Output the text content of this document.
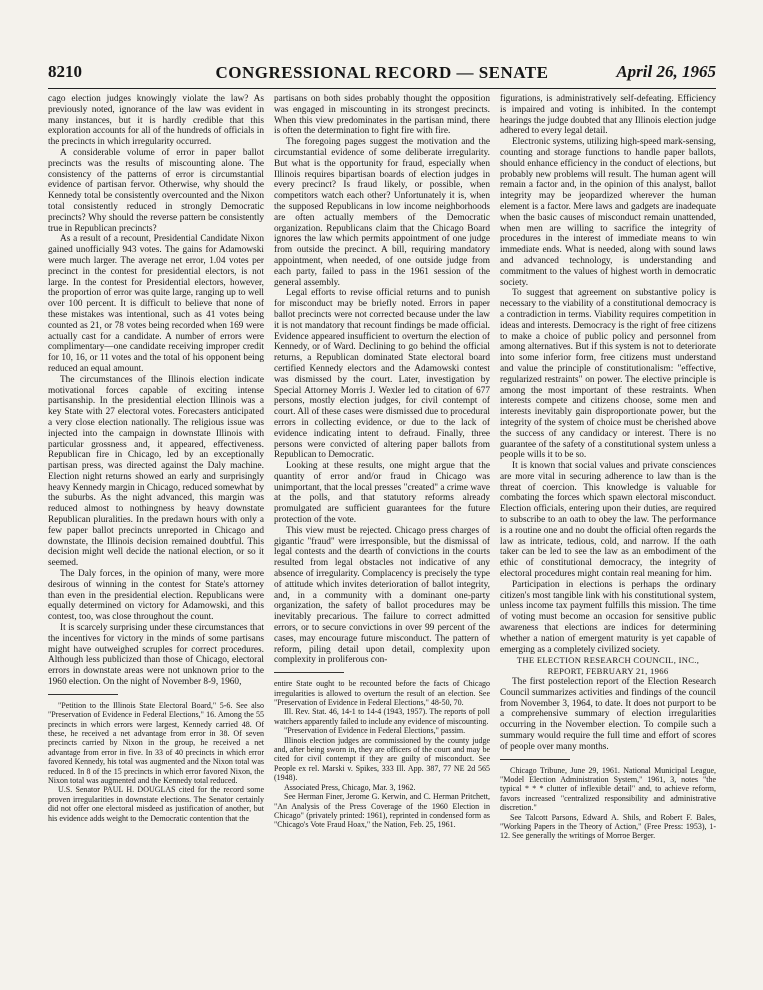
8210	CONGRESSIONAL RECORD — SENATE	April 26, 1965

cago election judges knowingly violate the law? As previously noted, ignorance of the law was evident in many instances, but it is hardly credible that this exploration accounts for all of the hundreds of officials in the precincts in which irregularity occurred.

A considerable volume of error in paper ballot precincts was the results of miscounting alone. The consistency of the patterns of error is circumstantial evidence of partisan fervor. Otherwise, why should the Kennedy total be consistently overcounted and the Nixon total consistently reduced in strongly Democratic precincts? Why should the reverse pattern be consistently true in Republican precincts?

As a result of a recount, Presidential Candidate Nixon gained unofficially 943 votes. The gains for Adamowski were much larger. The average net error, 1.04 votes per precinct in the contest for presidential electors, is not large. In the contest for Presidential electors, however, the proportion of error was quite large, ranging up to well over 100 percent. It is difficult to believe that none of these mistakes was intentional, such as 41 votes being counted as 21, or 78 votes being recorded when 169 were actually cast for a candidate. A number of errors were complimentary—one candidate receiving improper credit for 10, 16, or 11 votes and the total of his opponent being reduced an equal amount.

The circumstances of the Illinois election indicate motivational forces capable of exciting intense partisanship. In the presidential election Illinois was a key State with 27 electoral votes. Forecasters anticipated a very close election nationally. The religious issue was injected into the campaign in downstate Illinois with particular grossness and, it appeared, effectiveness. Republican fire in Chicago, led by an exceptionally partisan press, was directed against the Daly machine. Election night returns showed an early and surprisingly heavy Kennedy margin in Chicago, reduced somewhat by the suburbs. As the night advanced, this margin was reduced almost to nothingness by heavy downstate Republican pluralities. In the predawn hours with only a few paper ballot precincts unreported in Chicago and downstate, the Illinois decision remained doubtful. This decision might well decide the national election, or so it seemed.

The Daly forces, in the opinion of many, were more desirous of winning in the contest for State's attorney than even in the presidential election. Republicans were equally determined on victory for Adamowski, and this contest, too, was close throughout the count.

It is scarcely surprising under these circumstances that the incentives for victory in the minds of some partisans might have outweighed scruples for correct procedures. Although less publicized than those of Chicago, electoral errors in downstate areas were not unknown prior to the 1960 election. On the night of November 8-9, 1960,

"Petition to the Illinois State Electoral Board," 5-6. See also "Preservation of Evidence in Federal Elections," 16. Among the 55 precincts in which errors were largest, Kennedy carried 48. Of these, he received a net advantage from error in 38. Of seven precincts carried by Nixon in the group, he received a net advantage from error in five. In 33 of 40 precincts in which error favored Kennedy, his total was augmented and the Nixon total was reduced. In 8 of the 15 precincts in which error favored Nixon, the Nixon total was augmented and the Kennedy total reduced.

U.S. Senator PAUL H. DOUGLAS cited for the record some proven irregularities in downstate elections. The Senator certainly did not offer one electoral misdeed as justification of another, but his evidence adds weight to the Democratic contention that the

partisans on both sides probably thought the opposition was engaged in miscounting in its strongest precincts. When this view predominates in the partisan mind, there is often the determination to fight fire with fire.

The foregoing pages suggest the motivation and the circumstantial evidence of some deliberate irregularity. But what is the opportunity for fraud, especially when Illinois requires bipartisan boards of election judges in every precinct? Is fraud likely, or possible, when competitors watch each other? Unfortunately it is, when the supposed Republicans in low income neighborhoods are often actually members of the Democratic organization. Republicans claim that the Chicago Board ignores the law which permits appointment of one judge from outside the precinct. A bill, requiring mandatory appointment, when needed, of one outside judge from each party, failed to pass in the 1961 session of the general assembly.

Legal efforts to revise official returns and to punish for misconduct may be briefly noted. Errors in paper ballot precincts were not corrected because under the law it is not mandatory that recount findings be made official. Evidence appeared insufficient to overturn the election of Kennedy, or of Ward. Declining to go behind the official returns, a Republican dominated State electoral board certified Kennedy electors and the Adamowski contest was dismissed by the court. Later, investigation by Special Attorney Morris J. Wexler led to citation of 677 persons, mostly election judges, for civil contempt of court. All of these cases were dismissed due to procedural errors in collecting evidence, or due to the lack of evidence indicating intent to defraud. Finally, three persons were convicted of altering paper ballots from Republican to Democratic.

Looking at these results, one might argue that the quantity of error and/or fraud in Chicago was unimportant, that the local presses "created" a crime wave at the polls, and that statutory reforms already promulgated are sufficient guarantees for the future protection of the vote.

This view must be rejected. Chicago press charges of gigantic "fraud" were irresponsible, but the dismissal of legal contests and the dearth of convictions in the courts resulted from legal obstacles not indicative of any absence of irregularity. Complacency is precisely the type of attitude which invites deterioration of ballot integrity, and, in a community with a dominant one-party organization, the safety of ballot procedures may be inevitably precarious. The failure to correct admitted errors, or to secure convictions in over 99 percent of the cases, may encourage future misconduct. The pattern of reform, piling detail upon detail, complexity upon complexity in proliferous con-

entire State ought to be recounted before the facts of Chicago irregularities is allowed to overturn the result of an election. See "Preservation of Evidence in Federal Elections," 48-50, 70.

Ill. Rev. Stat. 46, 14-1 to 14-4 (1943, 1957). The reports of poll watchers apparently failed to include any evidence of miscounting.

"Preservation of Evidence in Federal Elections," passim.

Illinois election judges are commissioned by the county judge and, after being sworn in, they are officers of the court and may be cited for civil contempt if they are guilty of misconduct. See People ex rel. Marski v. Spikes, 333 Ill. App. 387, 77 NE 2d 565 (1948).

Associated Press, Chicago, Mar. 3, 1962.

See Herman Finer, Jerome G. Kerwin, and C. Herman Pritchett, "An Analysis of the Press Coverage of the 1960 Election in Chicago" (privately printed: 1961), reprinted in condensed form as "Chicago's Vote Fraud Hoax," the Nation, Feb. 25, 1961.

figurations, is administratively self-defeating. Efficiency is impaired and voting is inhibited. In the contempt hearings the judge doubted that any Illinois election judge adhered to every legal detail.

Electronic systems, utilizing high-speed mark-sensing, counting and storage functions to handle paper ballots, should enhance efficiency in the conduct of elections, but probably new problems will result. The human agent will remain a factor and, in the opinion of this analyst, ballot integrity may be jeopardized wherever the human element is a factor. Mere laws and gadgets are inadequate when the basic causes of misconduct remain unattended, when men are willing to sacrifice the integrity of procedures in the interest of immediate means to win immediate ends. What is needed, along with sound laws and advanced technology, is understanding and commitment to the values of highest worth in democratic society.

To suggest that agreement on substantive policy is necessary to the viability of a constitutional democracy is a contradiction in terms. Viability requires competition in ideas and interests. Democracy is the right of free citizens to make a choice of public policy and personnel from among alternatives. But if this system is not to deteriorate into some inferior form, free citizens must understand and value the principle of constitutionalism: "effective, regularized restraints" on power. The elective principle is among the most important of these restraints. When interests compete and citizens choose, some men and interests inevitably gain disproportionate power, but the integrity of the system of choice must be cherished above the success of any candidacy or interest. There is no guarantee of the safety of a constitutional system unless a people wills it to be so.

It is known that social values and private consciences are more vital in securing adherence to law than is the threat of coercion. This knowledge is valuable for combating the forces which spawn electoral misconduct. Election officials, entering upon their duties, are required to subscribe to an oath to obey the law. The performance is a routine one and no doubt the official often regards the law as intricate, tedious, cold, and narrow. If the oath taker can be led to see the law as an embodiment of the ethic of constitutional democracy, the integrity of electoral procedures might contain real meaning for him.

Participation in elections is perhaps the ordinary citizen's most tangible link with his constitutional system, unless income tax payment fulfills this mission. The time of voting must become an occasion for sensitive public awareness that elections are indices for determining whether a nation of emergent maturity is yet capable of emerging as a completely civilized society.

THE ELECTION RESEARCH COUNCIL, INC., REPORT, FEBRUARY 21, 1966

The first postelection report of the Election Research Council summarizes activities and findings of the council from November 3, 1964, to date. It does not purport to be a comprehensive summary of election irregularities occurring in the November election. To compile such a summary would require the full time and effort of scores of people over many months.

Chicago Tribune, June 29, 1961. National Municipal League, "Model Election Administration System," 1961, 3, notes "the typical * * * clutter of inflexible detail" and, to achieve reform, favors increased "centralized responsibility and administrative discretion."

See Talcott Parsons, Edward A. Shils, and Robert F. Bales, "Working Papers in the Theory of Action," (Free Press: 1953), 1-12. See generally the writings of Morroe Berger.
